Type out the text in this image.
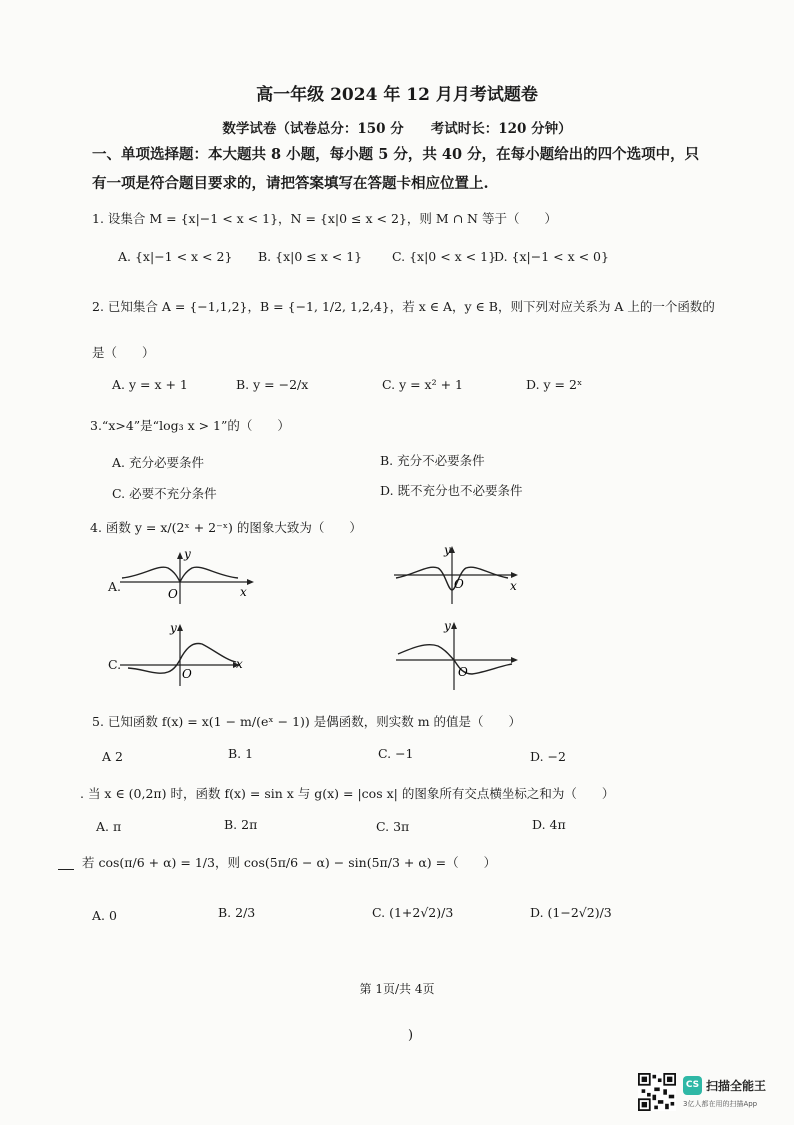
高一年级 2024 年 12 月月考试题卷
数学试卷（试卷总分：150 分　　考试时长：120 分钟）
一、单项选择题：本大题共 8 小题，每小题 5 分，共 40 分，在每小题给出的四个选项中，只
有一项是符合题目要求的，请把答案填写在答题卡相应位置上.
1. 设集合 M = {x|−1 < x < 1}，N = {x|0 ≤ x < 2}，则 M ∩ N 等于（　　）
A. {x|−1 < x < 2} B. {x|0 ≤ x < 1} C. {x|0 < x < 1}
D. {x|−1 < x < 0}
2. 已知集合 A = {−1,1,2}，B = {−1, 1/2, 1,2,4}，若 x ∈ A，y ∈ B，则下列对应关系为 A 上的一个函数的
是（　　）
A. y = x + 1	B. y = −2/x	C. y = x² + 1	D. y = 2ˣ
3.“x>4”是“log₃ x > 1”的（　　）
A. 充分必要条件	B. 充分不必要条件
C. 必要不充分条件	D. 既不充分也不必要条件
4. 函数 y = x/(2ˣ + 2⁻ˣ) 的图象大致为（　　）
A.
y
x
O
y
x
O
C.
y
x
O
y
O
5. 已知函数 f(x) = x(1 − m/(eˣ − 1)) 是偶函数，则实数 m 的值是（　　）
A 2	B. 1	C. −1	D. −2
. 当 x ∈ (0,2π) 时，函数 f(x) = sin x 与 g(x) = |cos x| 的图象所有交点横坐标之和为（　　）
A. π	B. 2π	C. 3π	D. 4π
若 cos(π/6 + α) = 1/3，则 cos(5π/6 − α) − sin(5π/3 + α) =（　　）
A. 0	B. 2/3	C. (1+2√2)/3	D. (1−2√2)/3
第 1页/共 4页
)
CS 扫描全能王
3亿人都在用的扫描App
